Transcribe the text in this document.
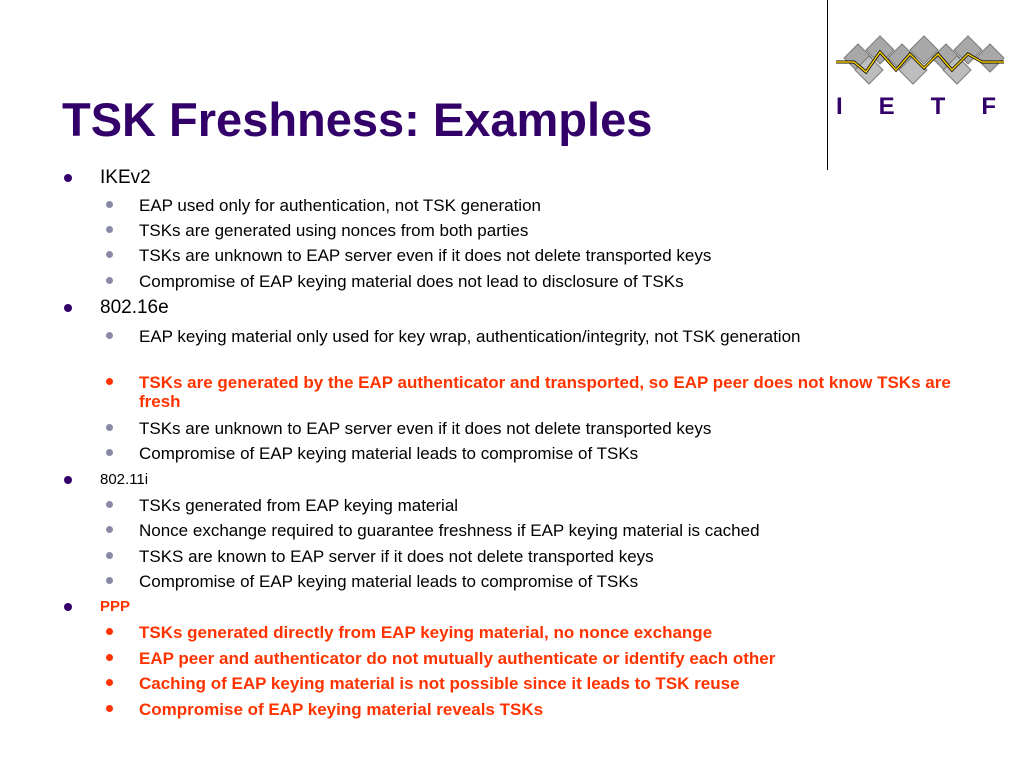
TSK Freshness: Examples	I E T F
IKEv2
EAP used only for authentication, not TSK generation
TSKs are generated using nonces from both parties
TSKs are unknown to EAP server even if it does not delete transported keys
Compromise of EAP keying material does not lead to disclosure of TSKs
802.16e
EAP keying material only used for key wrap, authentication/integrity, not TSK generation
TSKs are generated by the EAP authenticator and transported, so EAP peer does not know TSKs are fresh
TSKs are unknown to EAP server even if it does not delete transported keys
Compromise of EAP keying material leads to compromise of TSKs
802.11i
TSKs generated from EAP keying material
Nonce exchange required to guarantee freshness if EAP keying material is cached
TSKS are known to EAP server if it does not delete transported keys
Compromise of EAP keying material leads to compromise of TSKs
PPP
TSKs generated directly from EAP keying material, no nonce exchange
EAP peer and authenticator do not mutually authenticate or identify each other
Caching of EAP keying material is not possible since it leads to TSK reuse
Compromise of EAP keying material reveals TSKs
